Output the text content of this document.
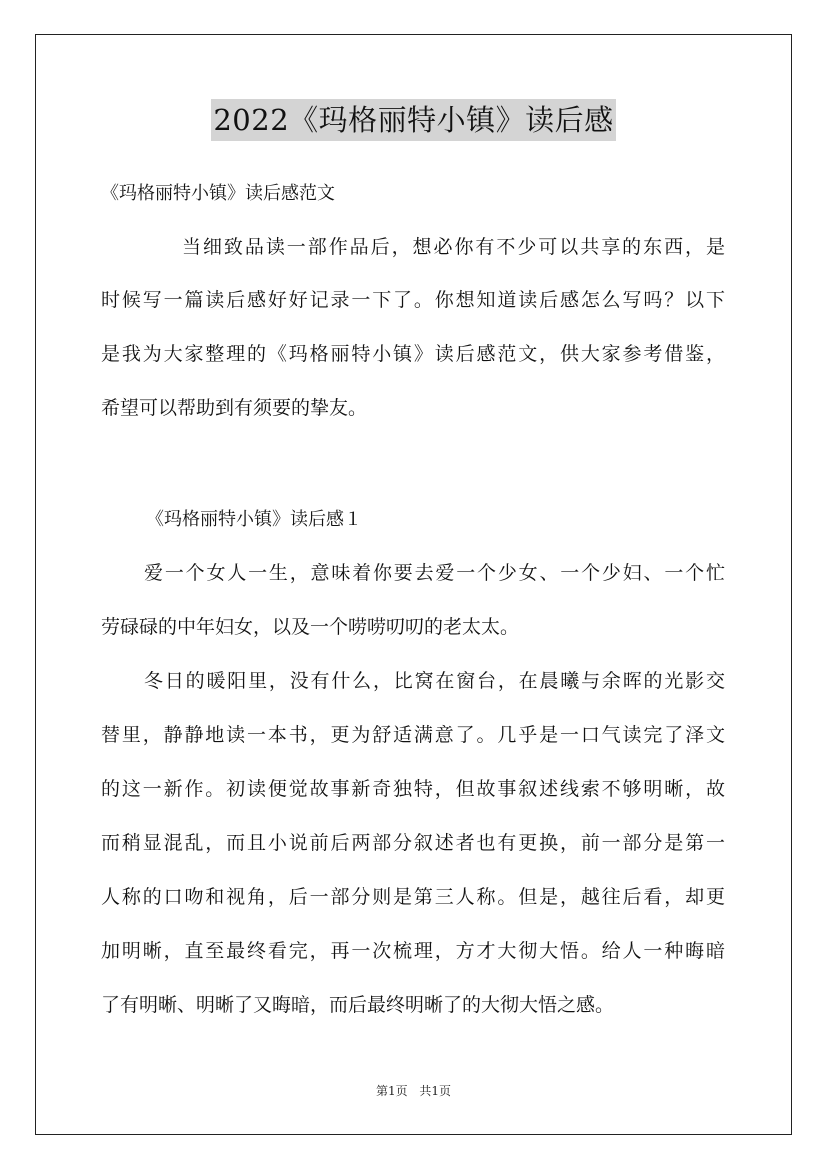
2022《玛格丽特小镇》读后感
《玛格丽特小镇》读后感范文
当细致品读一部作品后，想必你有不少可以共享的东西，是
时候写一篇读后感好好记录一下了。你想知道读后感怎么写吗？以下
是我为大家整理的《玛格丽特小镇》读后感范文，供大家参考借鉴，
希望可以帮助到有须要的挚友。
《玛格丽特小镇》读后感１
爱一个女人一生，意味着你要去爱一个少女、一个少妇、一个忙
劳碌碌的中年妇女，以及一个唠唠叨叨的老太太。
冬日的暖阳里，没有什么，比窝在窗台，在晨曦与余晖的光影交
替里，静静地读一本书，更为舒适满意了。几乎是一口气读完了泽文
的这一新作。初读便觉故事新奇独特，但故事叙述线索不够明晰，故
而稍显混乱，而且小说前后两部分叙述者也有更换，前一部分是第一
人称的口吻和视角，后一部分则是第三人称。但是，越往后看，却更
加明晰，直至最终看完，再一次梳理，方才大彻大悟。给人一种晦暗
了有明晰、明晰了又晦暗，而后最终明晰了的大彻大悟之感。
第1页 共1页
